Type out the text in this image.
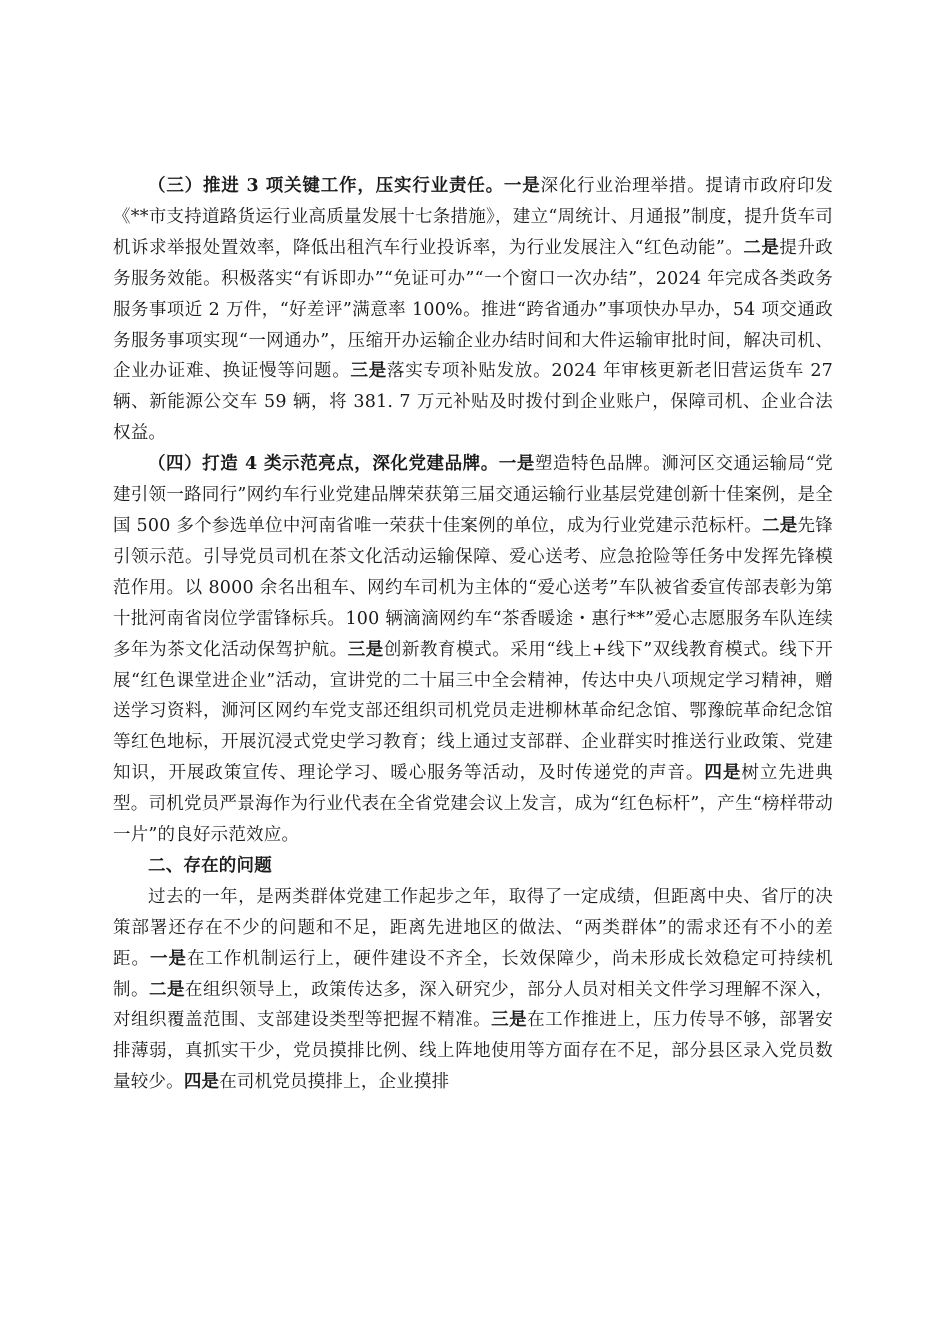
（三）推进 3 项关键工作，压实行业责任。一是深化行业治理举措。提请市政府印发《**市支持道路货运行业高质量发展十七条措施》，建立“周统计、月通报”制度，提升货车司机诉求举报处置效率，降低出租汽车行业投诉率，为行业发展注入“红色动能”。二是提升政务服务效能。积极落实“有诉即办”“免证可办”“一个窗口一次办结”，2024 年完成各类政务服务事项近 2 万件，“好差评”满意率 100%。推进“跨省通办”事项快办早办，54 项交通政务服务事项实现“一网通办”，压缩开办运输企业办结时间和大件运输审批时间，解决司机、企业办证难、换证慢等问题。三是落实专项补贴发放。2024 年审核更新老旧营运货车 27 辆、新能源公交车 59 辆，将 381. 7 万元补贴及时拨付到企业账户，保障司机、企业合法权益。

（四）打造 4 类示范亮点，深化党建品牌。一是塑造特色品牌。浉河区交通运输局“党建引领一路同行”网约车行业党建品牌荣获第三届交通运输行业基层党建创新十佳案例，是全国 500 多个参选单位中河南省唯一荣获十佳案例的单位，成为行业党建示范标杆。二是先锋引领示范。引导党员司机在茶文化活动运输保障、爱心送考、应急抢险等任务中发挥先锋模范作用。以 8000 余名出租车、网约车司机为主体的“爱心送考”车队被省委宣传部表彰为第十批河南省岗位学雷锋标兵。100 辆滴滴网约车“茶香暖途・惠行**”爱心志愿服务车队连续多年为茶文化活动保驾护航。三是创新教育模式。采用“线上+线下”双线教育模式。线下开展“红色课堂进企业”活动，宣讲党的二十届三中全会精神，传达中央八项规定学习精神，赠送学习资料，浉河区网约车党支部还组织司机党员走进柳林革命纪念馆、鄂豫皖革命纪念馆等红色地标，开展沉浸式党史学习教育；线上通过支部群、企业群实时推送行业政策、党建知识，开展政策宣传、理论学习、暖心服务等活动，及时传递党的声音。四是树立先进典型。司机党员严景海作为行业代表在全省党建会议上发言，成为“红色标杆”，产生“榜样带动一片”的良好示范效应。

二、存在的问题

过去的一年，是两类群体党建工作起步之年，取得了一定成绩，但距离中央、省厅的决策部署还存在不少的问题和不足，距离先进地区的做法、“两类群体”的需求还有不小的差距。一是在工作机制运行上，硬件建设不齐全，长效保障少，尚未形成长效稳定可持续机制。二是在组织领导上，政策传达多，深入研究少，部分人员对相关文件学习理解不深入，对组织覆盖范围、支部建设类型等把握不精准。三是在工作推进上，压力传导不够，部署安排薄弱，真抓实干少，党员摸排比例、线上阵地使用等方面存在不足，部分县区录入党员数量较少。四是在司机党员摸排上，企业摸排
